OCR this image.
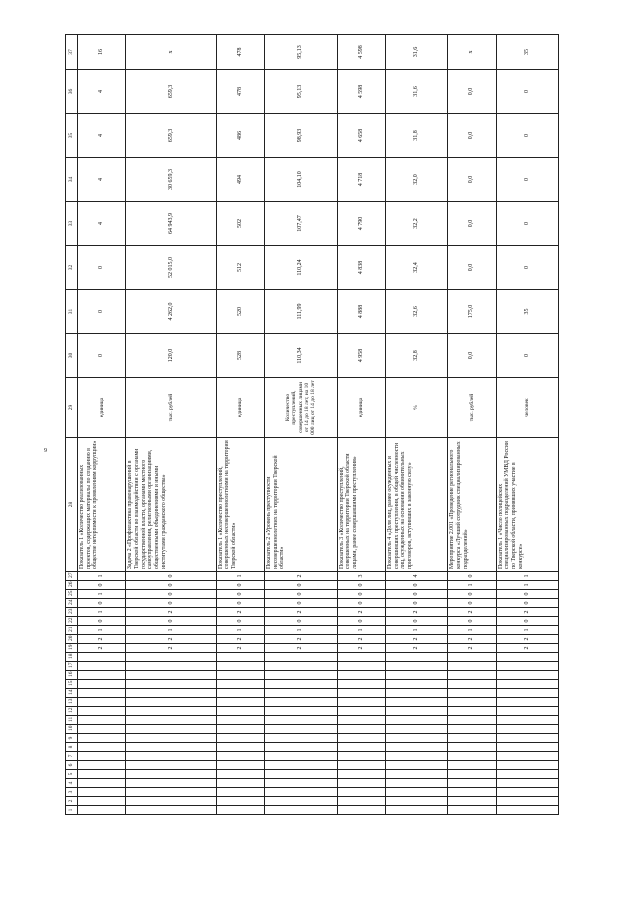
9
1	2	3	4	5	6	7	8	9	10	11	12	13	14	15	16	17	18	19	20	21	22	23	24	25	26	27	28	29	30	31	32	33	34	35	36	37
																		2	2	1	0	1	0	1	0	1	Показатель 1 «Количество реализованных проектов, содержащих материалы по созданию в обществе нетерпимости к проявлениям коррупции»	единица	0	0	0	4	4	4	4	16
																		2	2	1	0	2	0	0	0	0	Задача 2 «Профилактика правонарушений в Тверской области во взаимодействии с органами государственной власти, органами местного самоуправления, религиозными организациями, общественными объединениями и иными институтами гражданского общества»	тыс. рублей	120,0	4 262,0	52 015,0	64 943,9	30 659,3	659,3	659,3	х
																		2	2	1	0	2	0	0	0	1	Показатель 1 «Количество преступлений, совершенных несовершеннолетними на территории Тверской области»	единица	528	520	512	502	494	486	478	478
																		2	2	1	0	2	0	0	0	2	Показатель 2 «Уровень преступности несовершеннолетних на территории Тверской области»	Количество преступлений, совершенных лицами от 14 до 18 лет, на 10 000 лиц от 14 до 18 лет	110,34	111,99	110,24	107,47	104,10	98,93	95,13	95,13
																		2	2	1	0	2	0	0	0	3	Показатель 3 «Количество преступлений, совершенных на территории Тверской области лицами, ранее совершавшими преступления»	единица	4 958	4 888	4 838	4 790	4 718	4 658	4 598	4 598
																		2	2	1	0	2	0	0	0	4	Показатель 4 «Доля лиц, ранее осужденных и совершивших преступления, в общей численности лиц, осужденных на основании обвинительных приговоров, вступивших в законную силу»	%	32,8	32,6	32,4	32,2	32,0	31,8	31,6	31,6
																		2	2	1	0	2	0	0	1	0	Мероприятие 2.001 «Проведение регионального конкурса «Лучший сотрудник специализированных подразделений»	тыс. рублей	0,0	175,0	0,0	0,0	0,0	0,0	0,0	х
																		2	2	1	0	2	0	0	1	1	Показатель 1 «Число полицейских специализированных подразделений УМВД России по Тверской области, принявших участие в конкурсе»	человек	0	35	0	0	0	0	0	35
